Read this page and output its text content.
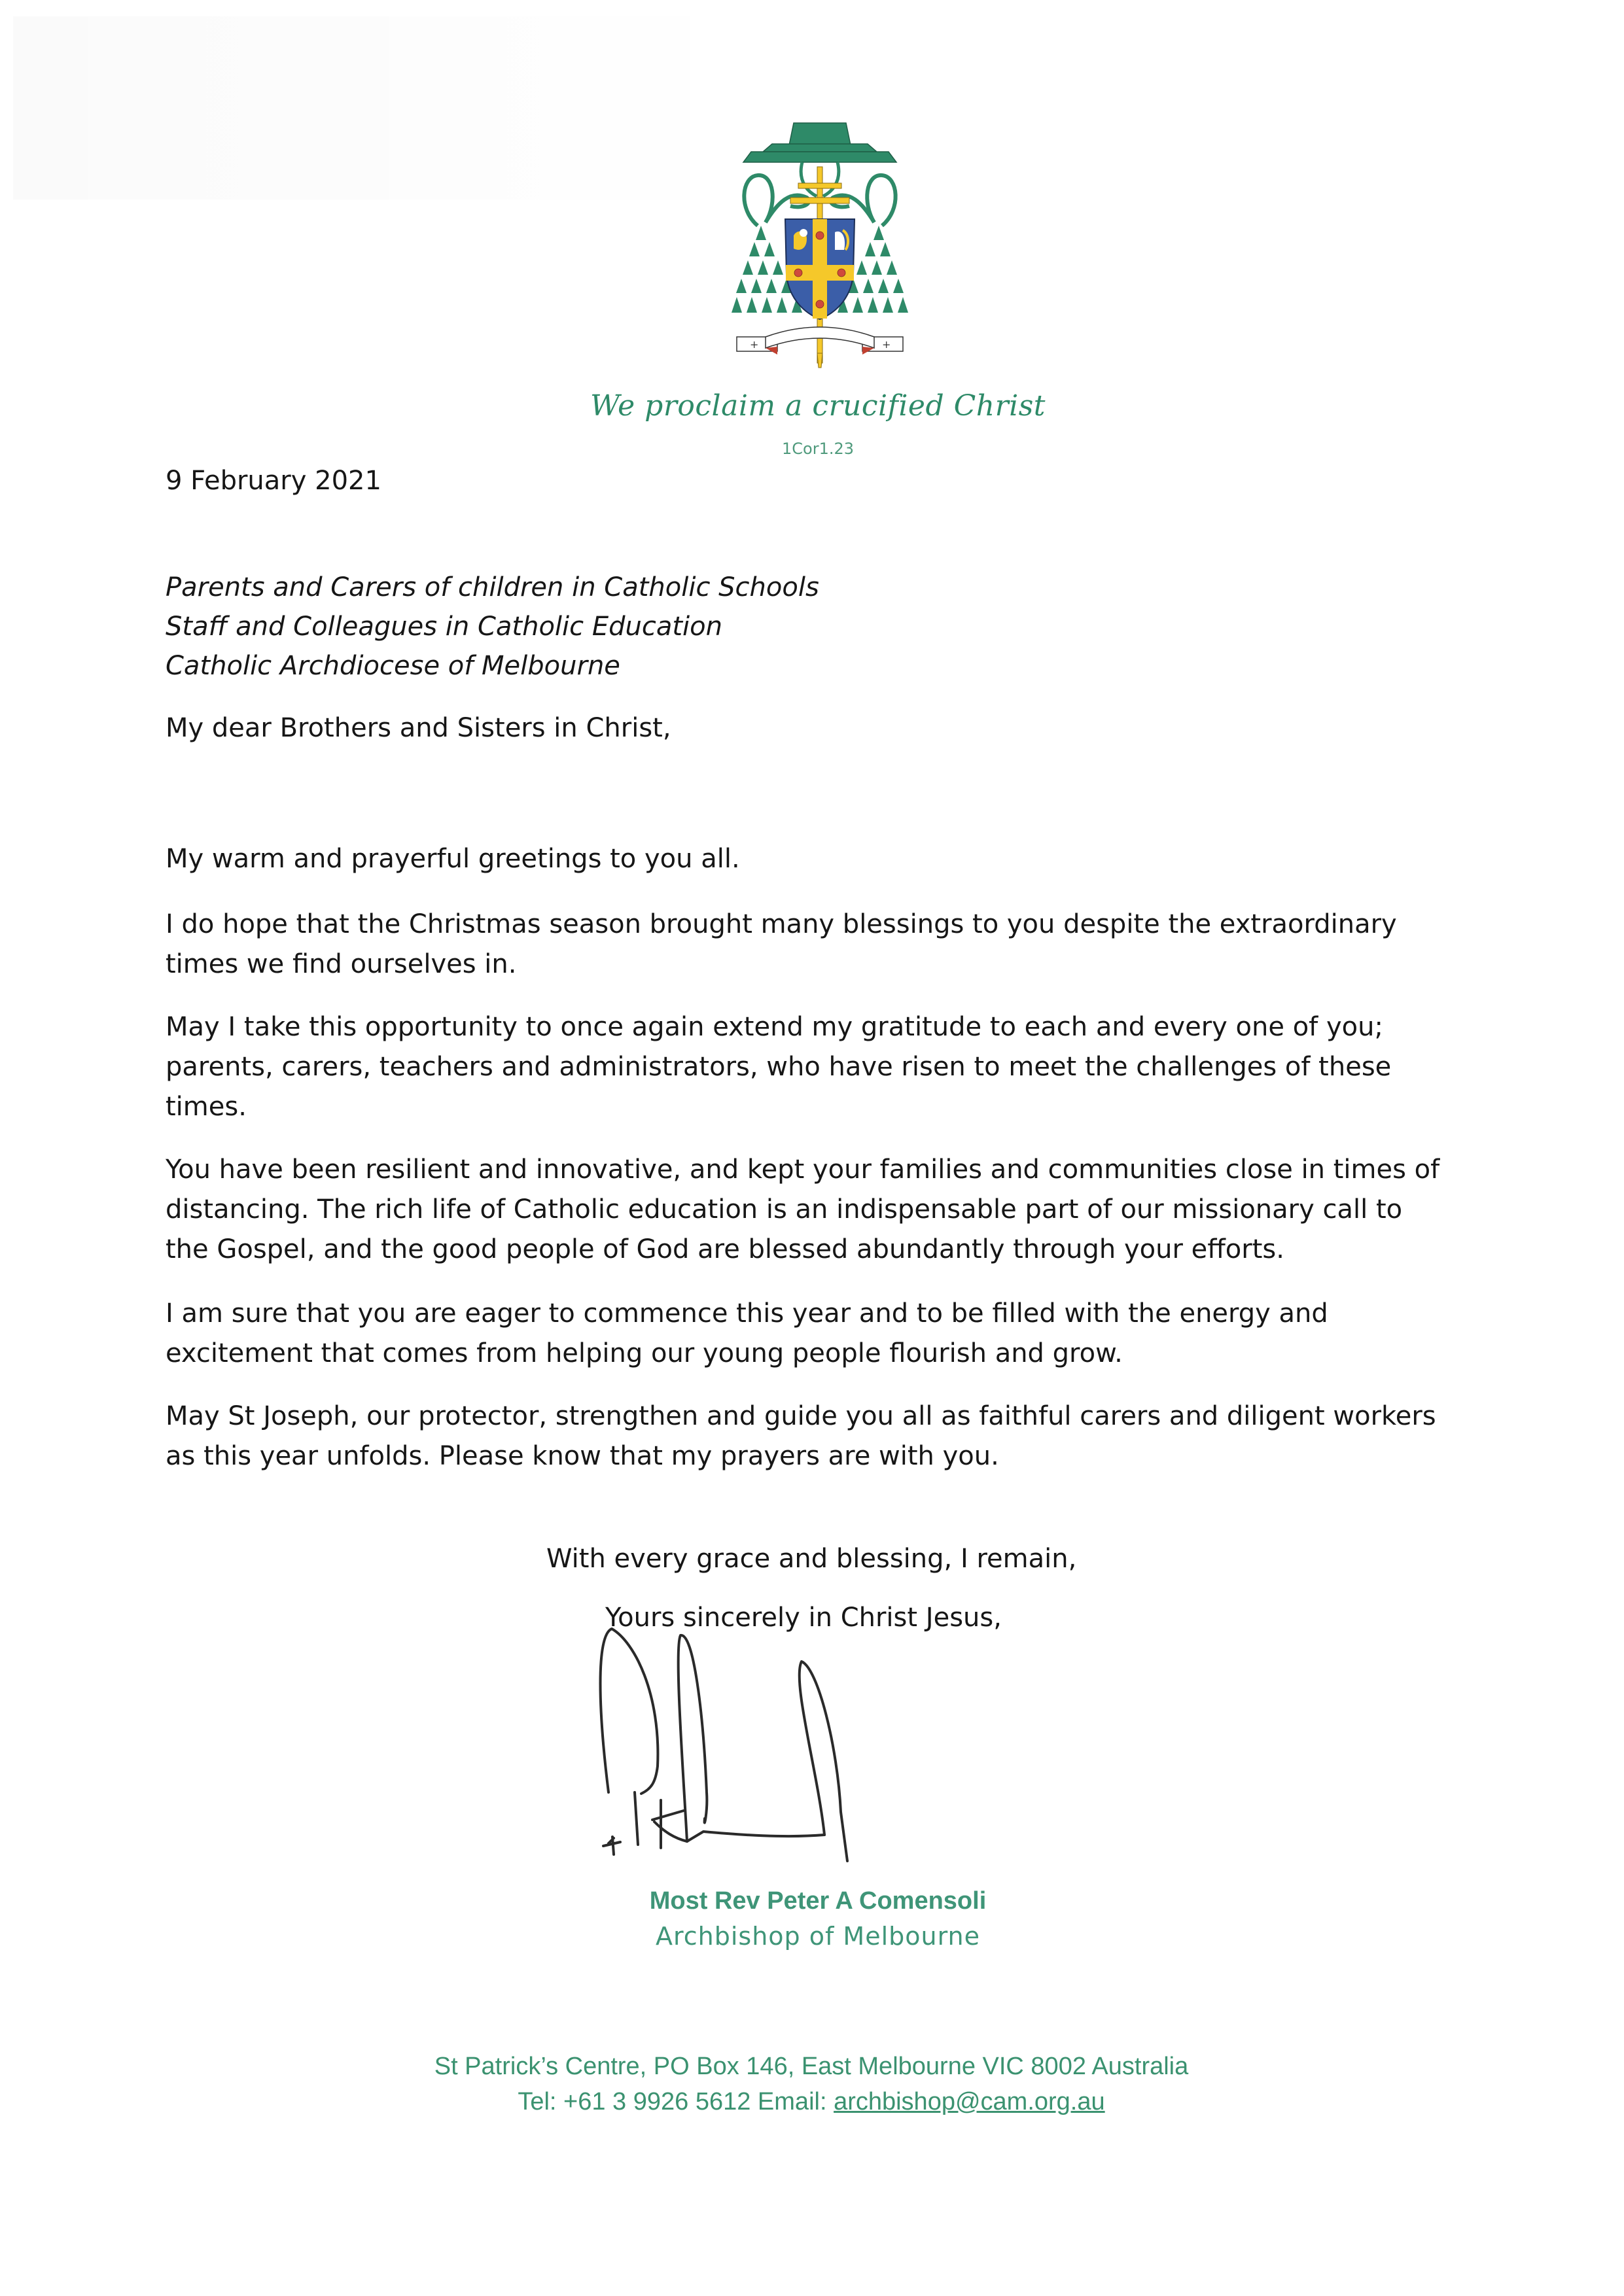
+	+
We proclaim a crucified Christ
1Cor1.23
9 February 2021
Parents and Carers of children in Catholic Schools
Staff and Colleagues in Catholic Education
Catholic Archdiocese of Melbourne
My dear Brothers and Sisters in Christ,

My warm and prayerful greetings to you all.

I do hope that the Christmas season brought many blessings to you despite the extraordinary times we find ourselves in.

May I take this opportunity to once again extend my gratitude to each and every one of you; parents, carers, teachers and administrators, who have risen to meet the challenges of these times.

You have been resilient and innovative, and kept your families and communities close in times of distancing. The rich life of Catholic education is an indispensable part of our missionary call to the Gospel, and the good people of God are blessed abundantly through your efforts.

I am sure that you are eager to commence this year and to be filled with the energy and excitement that comes from helping our young people flourish and grow.

May St Joseph, our protector, strengthen and guide you all as faithful carers and diligent workers as this year unfolds. Please know that my prayers are with you.

With every grace and blessing, I remain,
Yours sincerely in Christ Jesus,
Most Rev Peter A Comensoli
Archbishop of Melbourne
St Patrick’s Centre, PO Box 146, East Melbourne VIC 8002 Australia
Tel: +61 3 9926 5612 Email: archbishop@cam.org.au
